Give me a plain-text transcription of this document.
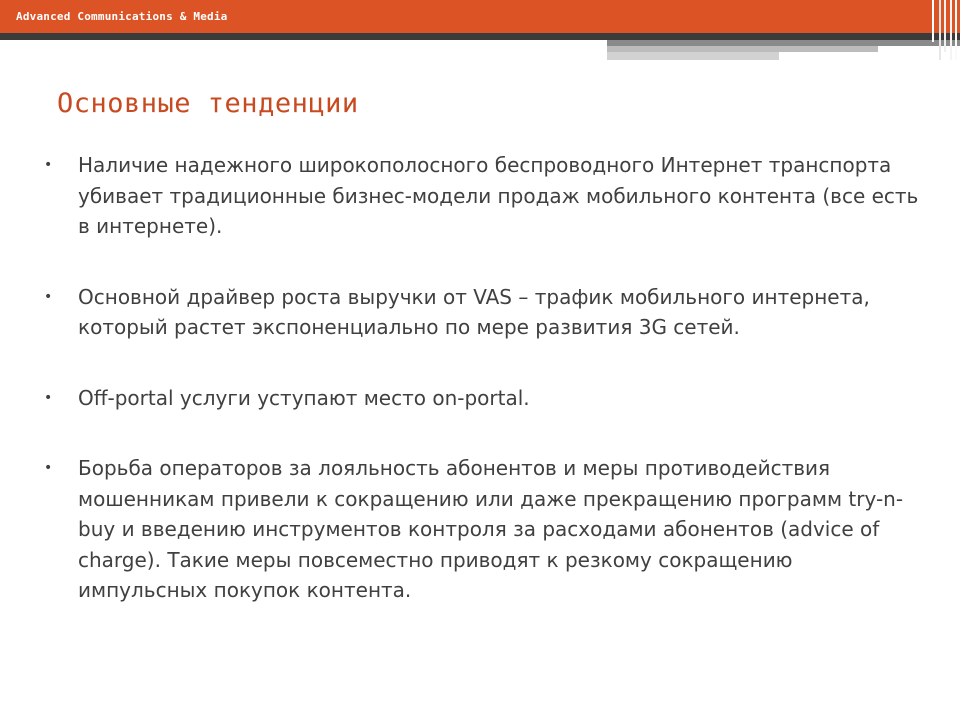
Advanced Communications & Media
Основные тенденции
• Наличие надежного широкополосного беспроводного Интернет транспорта убивает традиционные бизнес-модели продаж мобильного контента (все есть в интернете).
• Основной драйвер роста выручки от VAS – трафик мобильного интернета, который растет экспоненциально по мере развития 3G сетей.
• Off-portal услуги уступают место on-portal.
• Борьба операторов за лояльность абонентов и меры противодействия мошенникам привели к сокращению или даже прекращению программ try-n-buy и введению инструментов контроля за расходами абонентов (advice of charge). Такие меры повсеместно приводят к резкому сокращению импульсных покупок контента.
